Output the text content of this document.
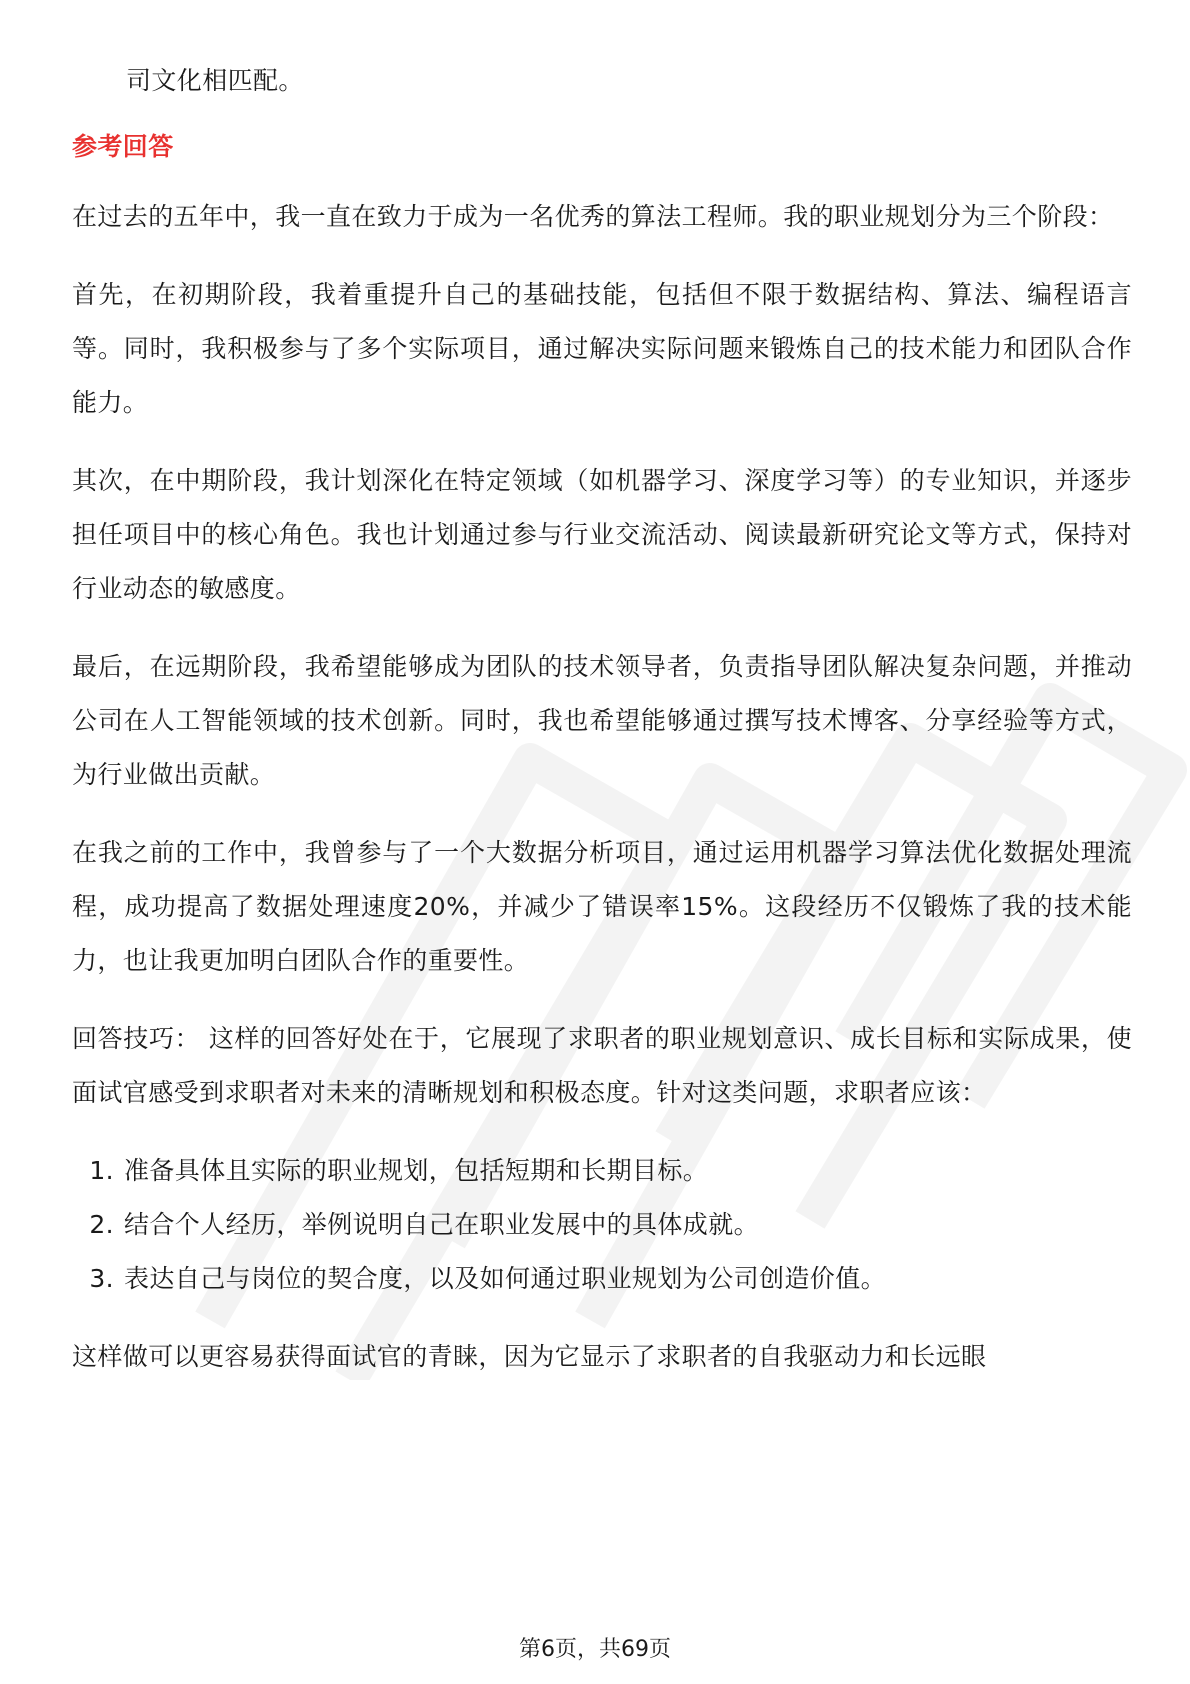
司文化相匹配。

参考回答

在过去的五年中，我一直在致力于成为一名优秀的算法工程师。我的职业规划分为三个阶段：

首先，在初期阶段，我着重提升自己的基础技能，包括但不限于数据结构、算法、编程语言等。同时，我积极参与了多个实际项目，通过解决实际问题来锻炼自己的技术能力和团队合作能力。

其次，在中期阶段，我计划深化在特定领域（如机器学习、深度学习等）的专业知识，并逐步担任项目中的核心角色。我也计划通过参与行业交流活动、阅读最新研究论文等方式，保持对行业动态的敏感度。

最后，在远期阶段，我希望能够成为团队的技术领导者，负责指导团队解决复杂问题，并推动公司在人工智能领域的技术创新。同时，我也希望能够通过撰写技术博客、分享经验等方式，为行业做出贡献。

在我之前的工作中，我曾参与了一个大数据分析项目，通过运用机器学习算法优化数据处理流程，成功提高了数据处理速度20%，并减少了错误率15%。这段经历不仅锻炼了我的技术能力，也让我更加明白团队合作的重要性。

回答技巧： 这样的回答好处在于，它展现了求职者的职业规划意识、成长目标和实际成果，使面试官感受到求职者对未来的清晰规划和积极态度。针对这类问题，求职者应该：

1. 准备具体且实际的职业规划，包括短期和长期目标。
2. 结合个人经历，举例说明自己在职业发展中的具体成就。
3. 表达自己与岗位的契合度，以及如何通过职业规划为公司创造价值。

这样做可以更容易获得面试官的青睐，因为它显示了求职者的自我驱动力和长远眼

第6页，共69页
